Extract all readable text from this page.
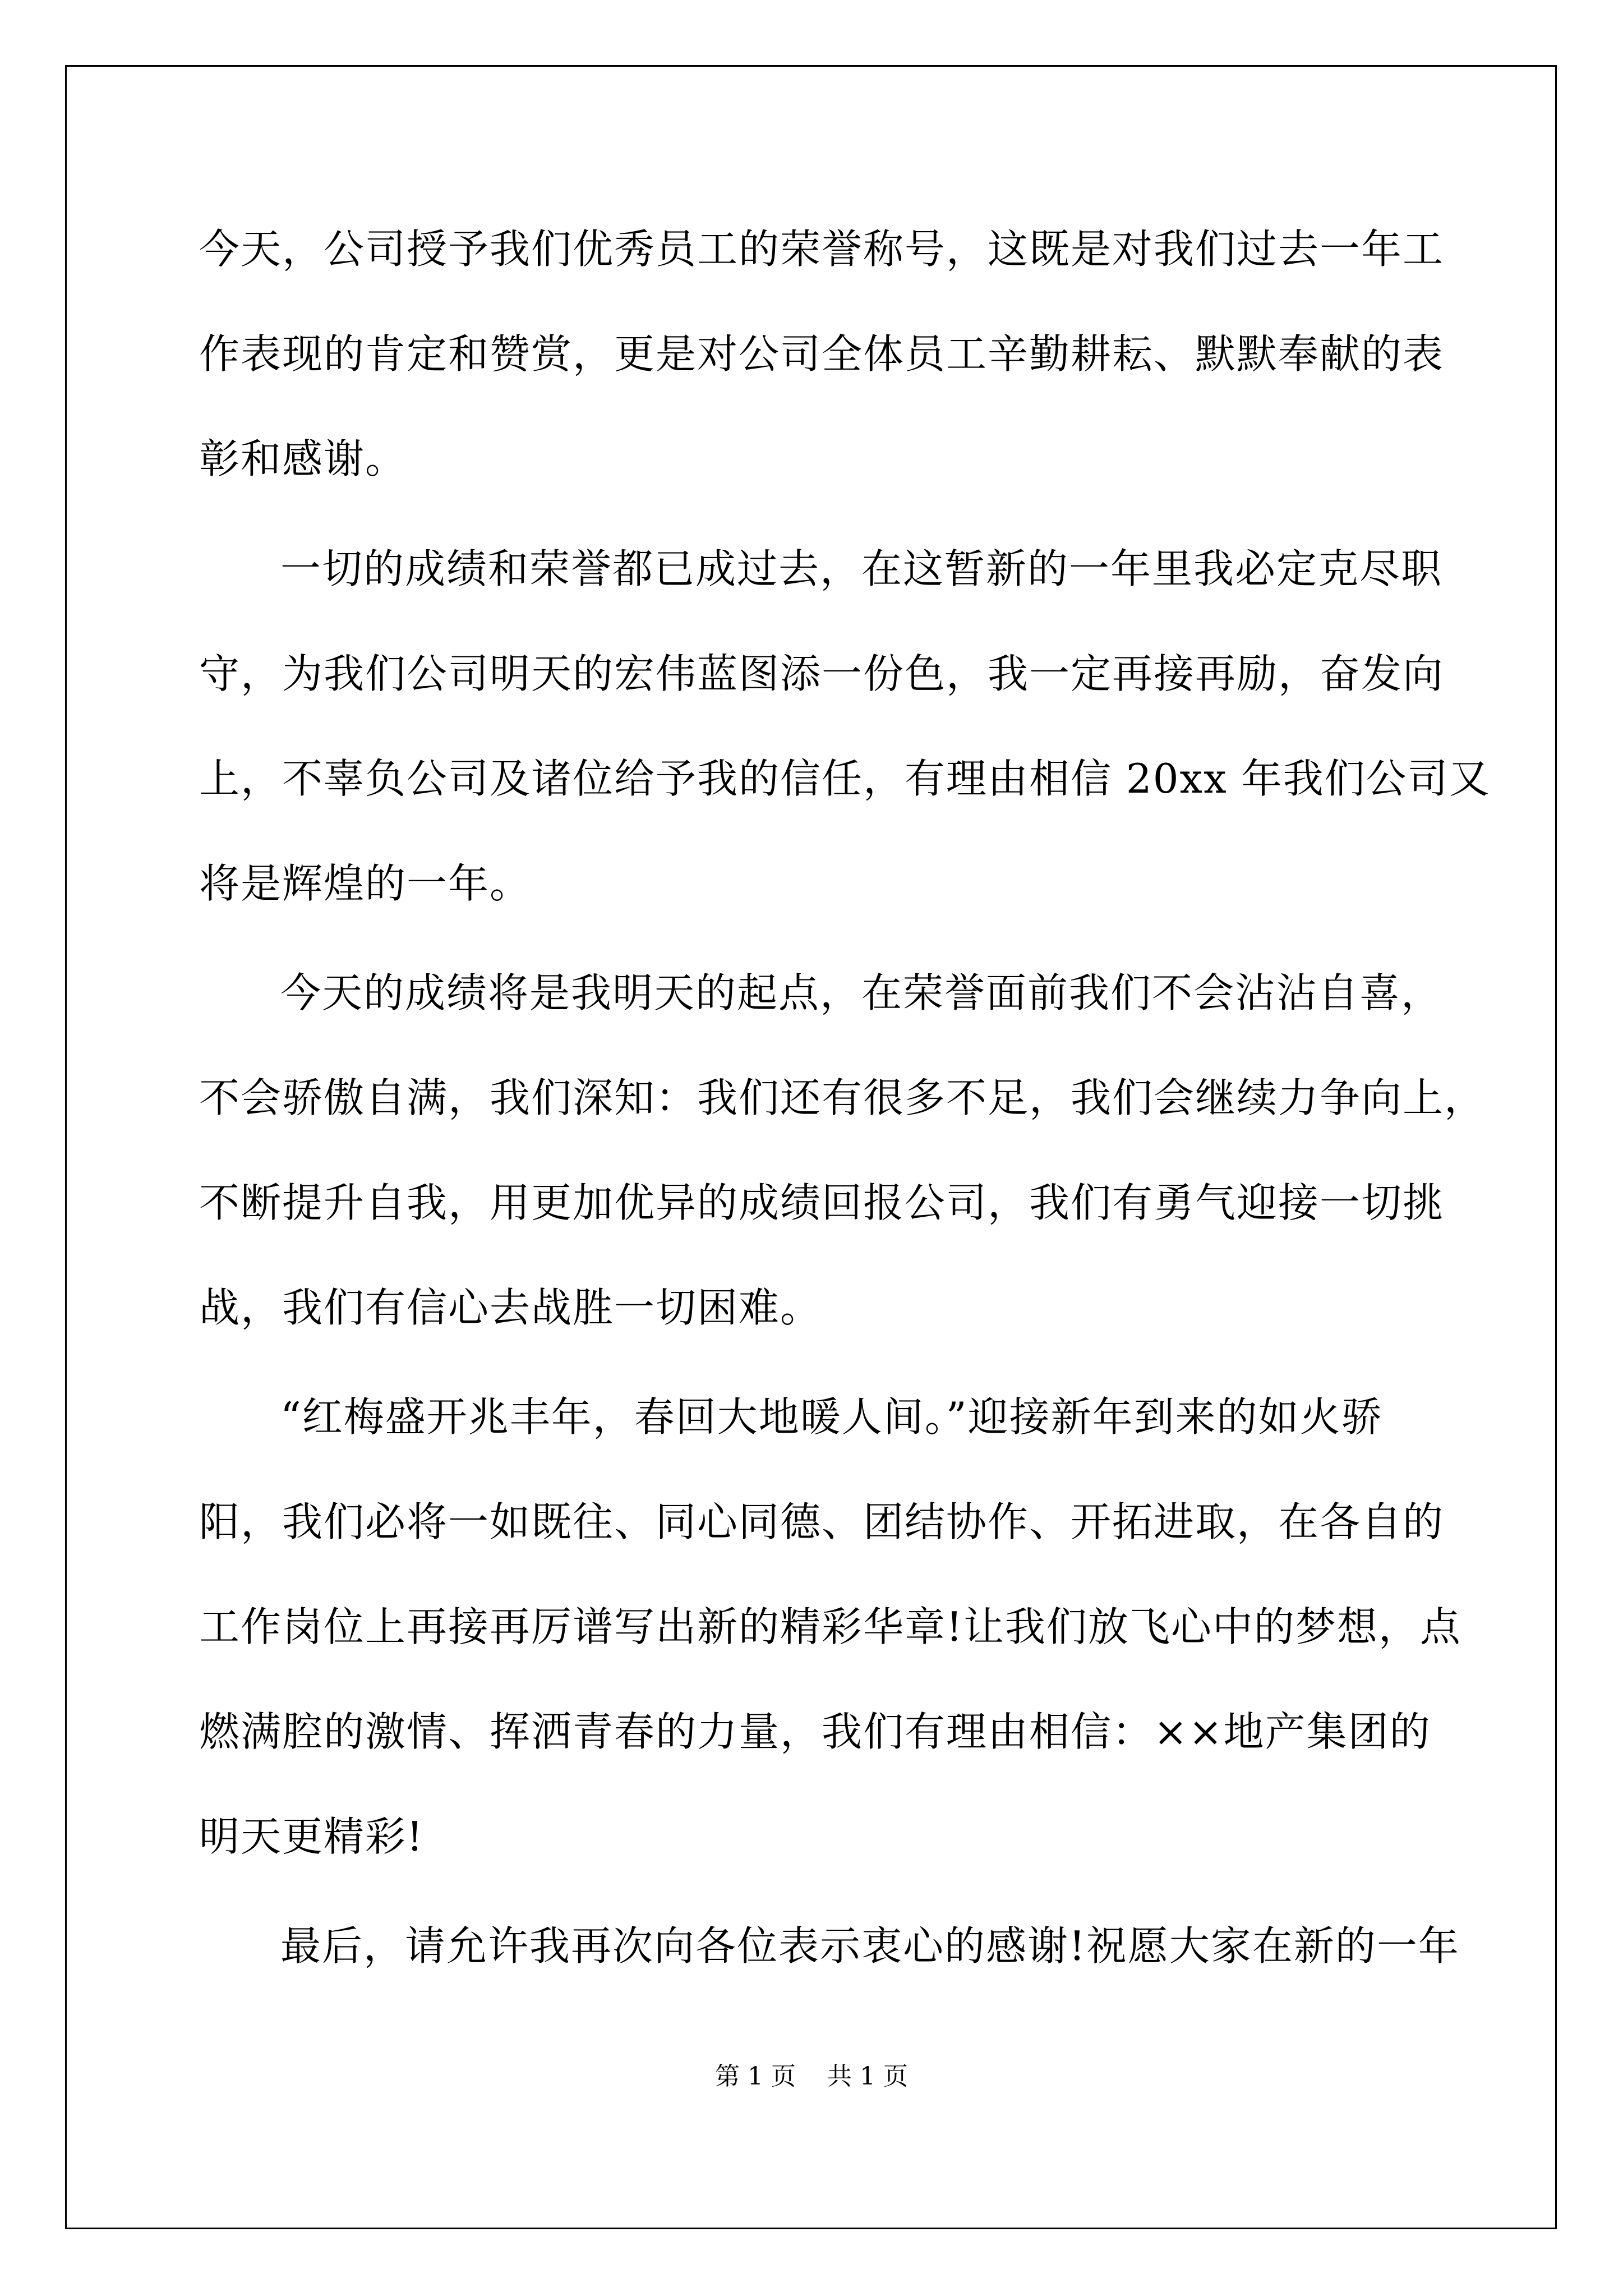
今天，公司授予我们优秀员工的荣誉称号，这既是对我们过去一年工
作表现的肯定和赞赏，更是对公司全体员工辛勤耕耘、默默奉献的表
彰和感谢。
一切的成绩和荣誉都已成过去，在这暂新的一年里我必定克尽职
守，为我们公司明天的宏伟蓝图添一份色，我一定再接再励，奋发向
上，不辜负公司及诸位给予我的信任，有理由相信 20xx 年我们公司又
将是辉煌的一年。
今天的成绩将是我明天的起点，在荣誉面前我们不会沾沾自喜，
不会骄傲自满，我们深知：我们还有很多不足，我们会继续力争向上，
不断提升自我，用更加优异的成绩回报公司，我们有勇气迎接一切挑
战，我们有信心去战胜一切困难。
“红梅盛开兆丰年，春回大地暖人间。”迎接新年到来的如火骄
阳，我们必将一如既往、同心同德、团结协作、开拓进取，在各自的
工作岗位上再接再厉谱写出新的精彩华章!让我们放飞心中的梦想，点
燃满腔的激情、挥洒青春的力量，我们有理由相信：××地产集团的
明天更精彩!
最后，请允许我再次向各位表示衷心的感谢!祝愿大家在新的一年
第 1 页 共 1 页
